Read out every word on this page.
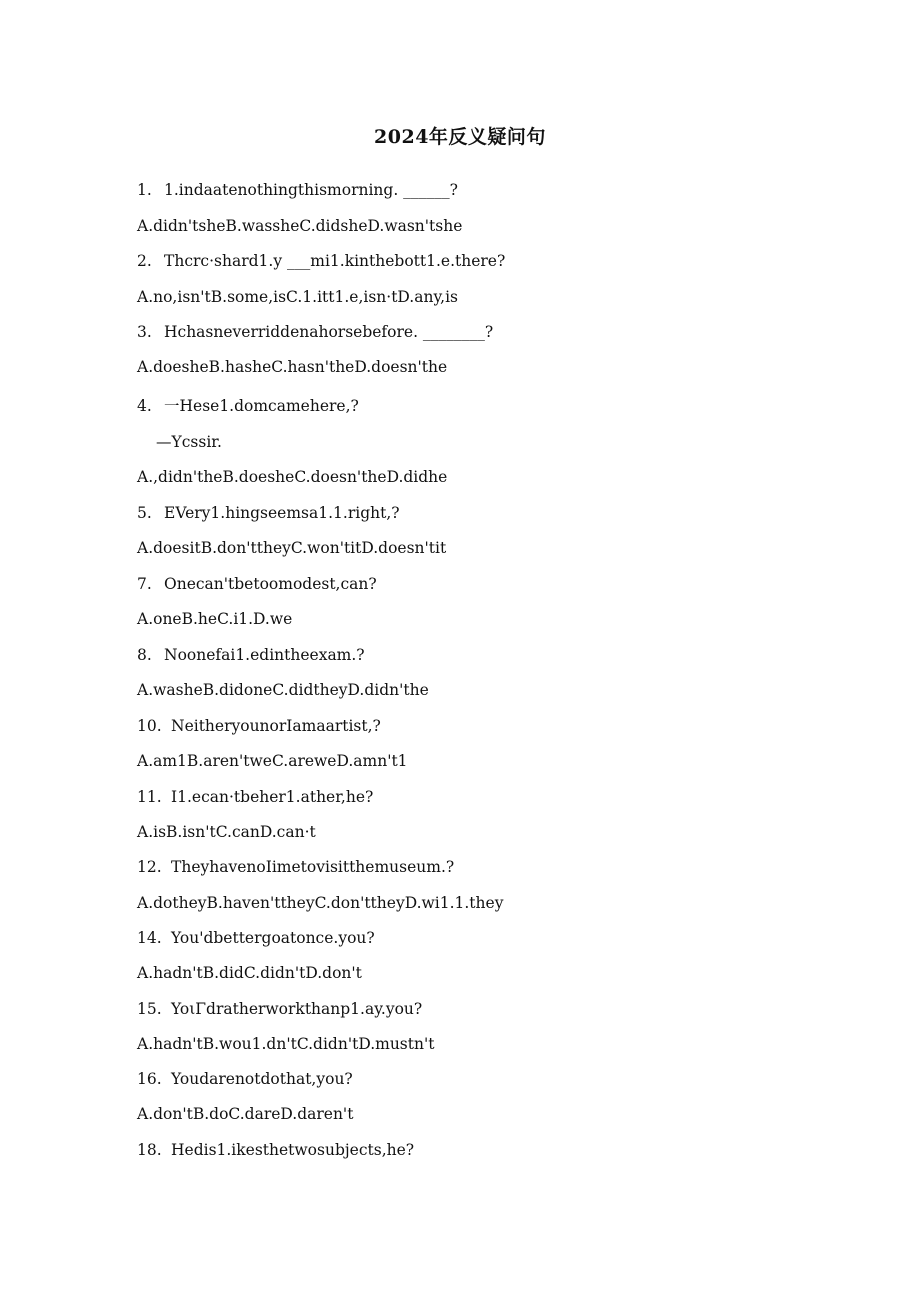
2024年反义疑问句
1. 1.indaatenothingthismorning. ______?
A.didn'tsheB.wassheC.didsheD.wasn'tshe
2. Thcrc·shard1.y ___mi1.kinthebott1.e.there?
A.no,isn'tB.some,isC.1.itt1.e,isn·tD.any,is
3. Hchasneverriddenahorsebefore. ________?
A.doesheB.hasheC.hasn'theD.doesn'the
4. 一Hese1.domcamehere,?
—Ycssir.
A.,didn'theB.doesheC.doesn'theD.didhe
5. EVery1.hingseemsa1.1.right,?
A.doesitB.don'ttheyC.won'titD.doesn'tit
7. Onecan'tbetoomodest,can?
A.oneB.heC.i1.D.we
8. Noonefai1.edintheexam.?
A.washeB.didoneC.didtheyD.didn'the
10. NeitheryounorIamaartist,?
A.am1B.aren'tweC.areweD.amn't1
11. I1.ecan·tbeher1.ather,he?
A.isB.isn'tC.canD.can·t
12. TheyhavenoIimetovisitthemuseum.?
A.dotheyB.haven'ttheyC.don'ttheyD.wi1.1.they
14. You'dbettergoatonce.you?
A.hadn'tB.didC.didn'tD.don't
15. YoιΓdratherworkthanp1.ay.you?
A.hadn'tB.wou1.dn'tC.didn'tD.mustn't
16. Youdarenotdothat,you?
A.don'tB.doC.dareD.daren't
18. Hedis1.ikesthetwosubjects,he?
